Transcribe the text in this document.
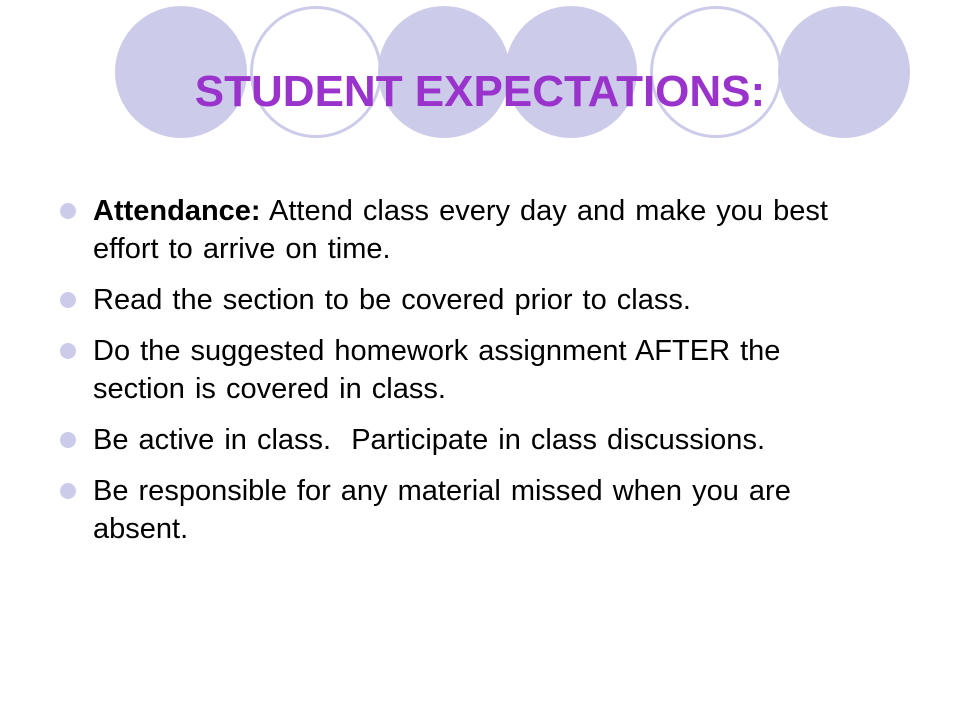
STUDENT EXPECTATIONS:
Attendance: Attend class every day and make you best effort to arrive on time.
Read the section to be covered prior to class.
Do the suggested homework assignment AFTER the section is covered in class.
Be active in class.  Participate in class discussions.
Be responsible for any material missed when you are absent.
